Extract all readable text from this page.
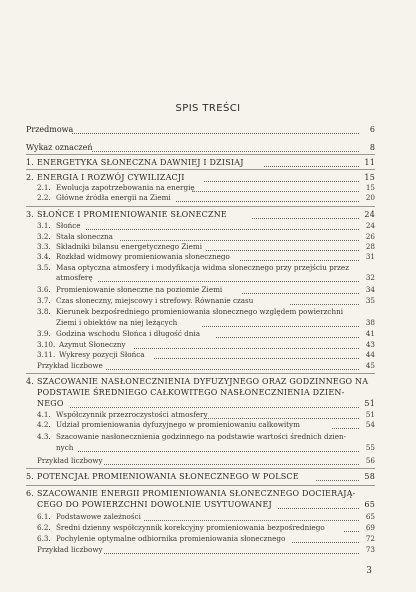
SPIS TREŚCI
Przedmowa	6
Wykaz oznaczeń	8
1. ENERGETYKA SŁONECZNA DAWNIEJ I DZISIAJ	11
2. ENERGIA I ROZWÓJ CYWILIZACJI	15
2.1. Ewolucja zapotrzebowania na energię	15
2.2. Główne źródła energii na Ziemi	20
3. SŁOŃCE I PROMIENIOWANIE SŁONECZNE	24
3.1. Słońce	24
3.2. Stała słoneczna	26
3.3. Składniki bilansu energetycznego Ziemi	28
3.4. Rozkład widmowy promieniowania słonecznego	31
3.5. Masa optyczna atmosfery i modyfikacja widma słonecznego przy przejściu przez
atmosferę	32
3.6. Promieniowanie słoneczne na poziomie Ziemi	34
3.7. Czas słoneczny, miejscowy i strefowy. Równanie czasu	35
3.8. Kierunek bezpośredniego promieniowania słonecznego względem powierzchni
Ziemi i obiektów na niej leżących	38
3.9. Godzina wschodu Słońca i długość dnia	41
3.10. Azymut Słoneczny	43
3.11. Wykresy pozycji Słońca	44
Przykład liczbowe	45
4. SZACOWANIE NASŁONECZNIENIA DYFUZYJNEGO ORAZ GODZINNEGO NA
PODSTAWIE ŚREDNIEGO CAŁKOWITEGO NASŁONECZNIENIA DZIEN-
NEGO	51
4.1. Współczynnik przezroczystości atmosfery	51
4.2. Udział promieniowania dyfuzyjnego w promieniowaniu całkowitym	54
4.3. Szacowanie nasłonecznienia godzinnego na podstawie wartości średnich dzien-
nych	55
Przykład liczbowy	56
5. POTENCJAŁ PROMIENIOWANIA SŁONECZNEGO W POLSCE	58
6. SZACOWANIE ENERGII PROMIENIOWANIA SŁONECZNEGO DOCIERAJĄ-
CEGO DO POWIERZCHNI DOWOLNIE USYTUOWANEJ	65
6.1. Podstawowe zależności	65
6.2. Średni dzienny współczynnik korekcyjny promieniowania bezpośredniego	69
6.3. Pochylenie optymalne odbiornika promieniowania słonecznego	72
Przykład liczbowy	73
3
